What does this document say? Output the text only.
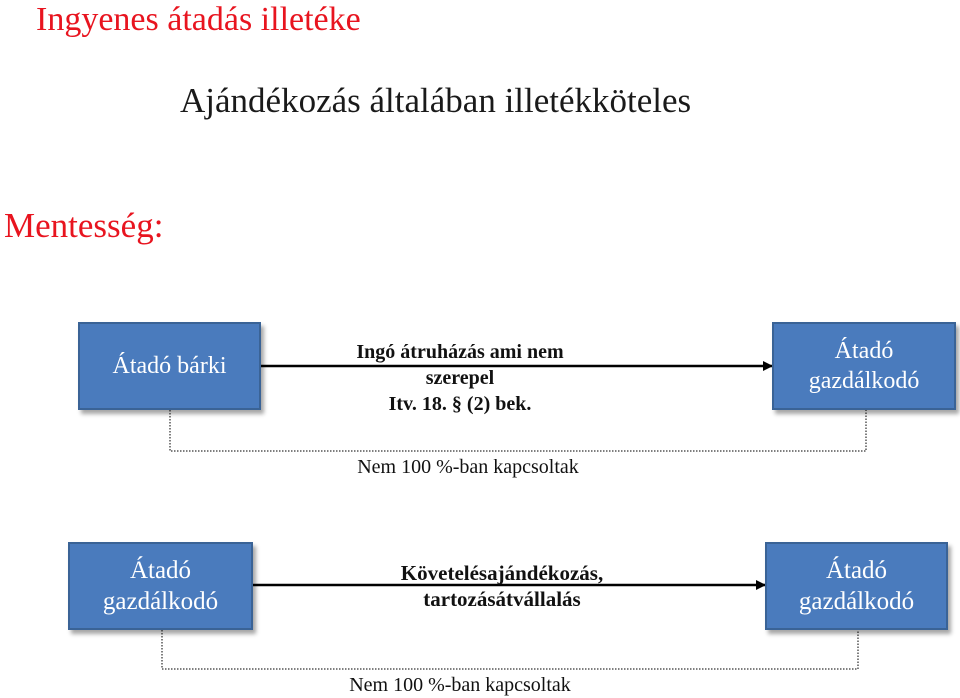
Ingyenes átadás illetéke
Ajándékozás általában illetékköteles
Mentesség:
Átadó bárki
Ingó átruházás ami nem
szerepel
Itv. 18. § (2) bek.
Átadó
gazdálkodó
Nem 100 %-ban kapcsoltak
Átadó
gazdálkodó
Követelésajándékozás,
tartozásátvállalás
Átadó
gazdálkodó
Nem 100 %-ban kapcsoltak
